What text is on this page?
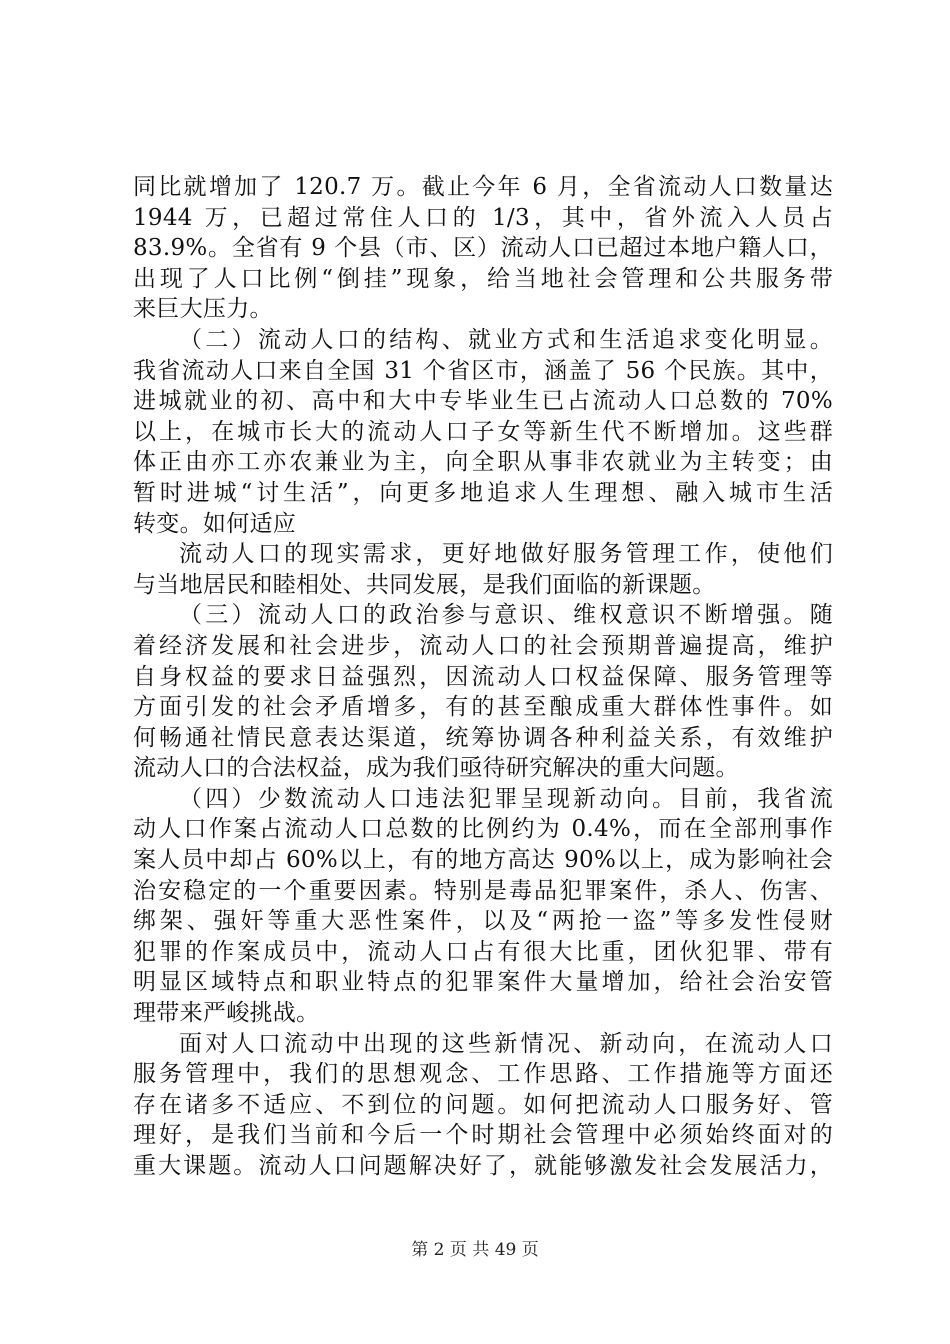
同比就增加了 120.7 万。截止今年 6 月，全省流动人口数量达
1944 万，已超过常住人口的 1/3，其中，省外流入人员占
83.9%。全省有 9 个县（市、区）流动人口已超过本地户籍人口，
出现了人口比例“倒挂”现象，给当地社会管理和公共服务带
来巨大压力。
（二）流动人口的结构、就业方式和生活追求变化明显。
我省流动人口来自全国 31 个省区市，涵盖了 56 个民族。其中，
进城就业的初、高中和大中专毕业生已占流动人口总数的 70%
以上，在城市长大的流动人口子女等新生代不断增加。这些群
体正由亦工亦农兼业为主，向全职从事非农就业为主转变；由
暂时进城“讨生活”，向更多地追求人生理想、融入城市生活
转变。如何适应
流动人口的现实需求，更好地做好服务管理工作，使他们
与当地居民和睦相处、共同发展，是我们面临的新课题。
（三）流动人口的政治参与意识、维权意识不断增强。随
着经济发展和社会进步，流动人口的社会预期普遍提高，维护
自身权益的要求日益强烈，因流动人口权益保障、服务管理等
方面引发的社会矛盾增多，有的甚至酿成重大群体性事件。如
何畅通社情民意表达渠道，统筹协调各种利益关系，有效维护
流动人口的合法权益，成为我们亟待研究解决的重大问题。
（四）少数流动人口违法犯罪呈现新动向。目前，我省流
动人口作案占流动人口总数的比例约为 0.4%，而在全部刑事作
案人员中却占 60%以上，有的地方高达 90%以上，成为影响社会
治安稳定的一个重要因素。特别是毒品犯罪案件，杀人、伤害、
绑架、强奸等重大恶性案件，以及“两抢一盗”等多发性侵财
犯罪的作案成员中，流动人口占有很大比重，团伙犯罪、带有
明显区域特点和职业特点的犯罪案件大量增加，给社会治安管
理带来严峻挑战。
面对人口流动中出现的这些新情况、新动向，在流动人口
服务管理中，我们的思想观念、工作思路、工作措施等方面还
存在诸多不适应、不到位的问题。如何把流动人口服务好、管
理好，是我们当前和今后一个时期社会管理中必须始终面对的
重大课题。流动人口问题解决好了，就能够激发社会发展活力，
第 2 页 共 49 页
